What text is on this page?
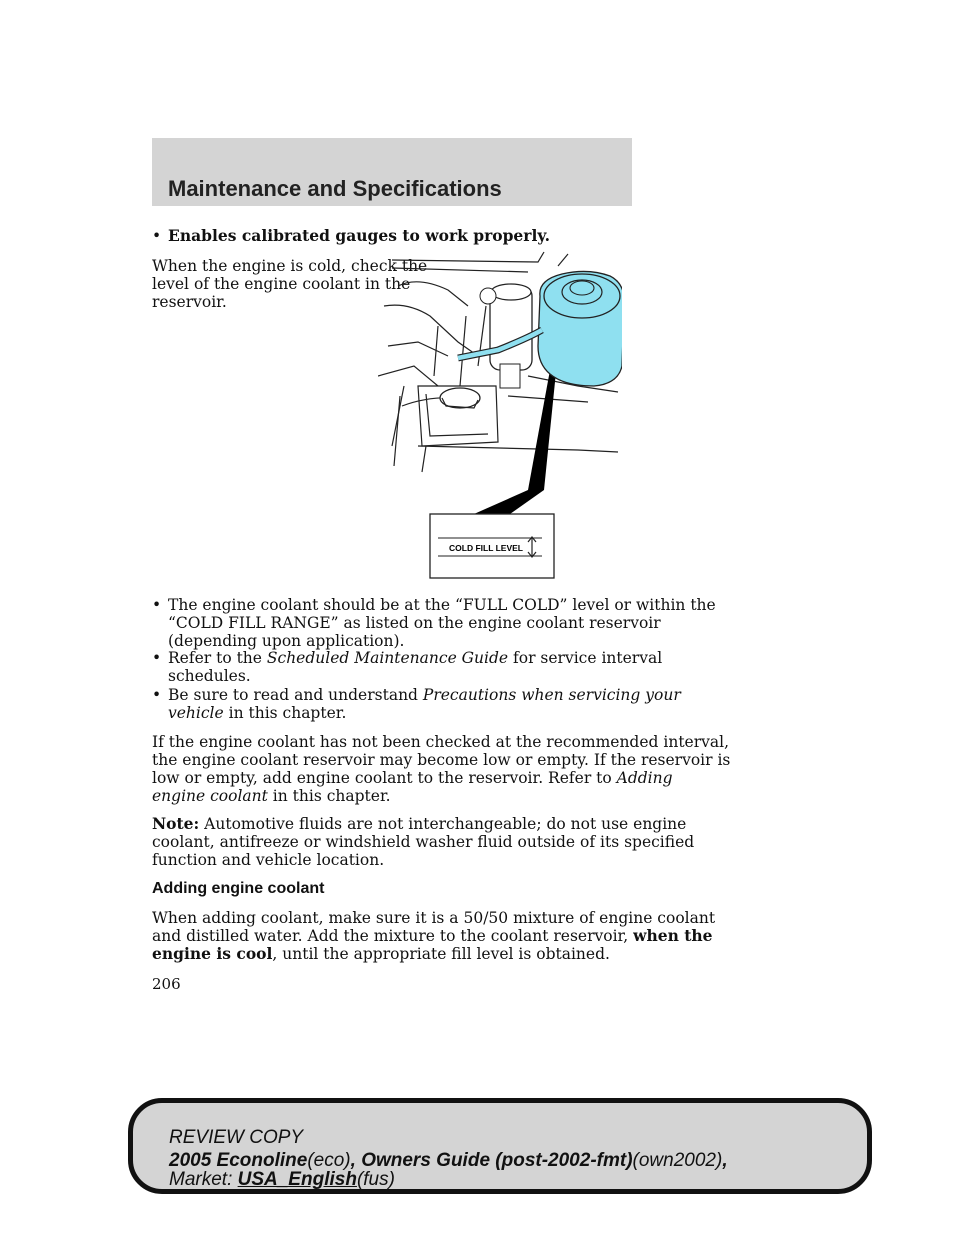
Maintenance and Specifications
• Enables calibrated gauges to work properly.
When the engine is cold, check the
level of the engine coolant in the
reservoir.
COLD FILL LEVEL
• The engine coolant should be at the “FULL COLD” level or within the
“COLD FILL RANGE” as listed on the engine coolant reservoir
(depending upon application).
• Refer to the Scheduled Maintenance Guide for service interval
schedules.
• Be sure to read and understand Precautions when servicing your
vehicle in this chapter.
If the engine coolant has not been checked at the recommended interval,
the engine coolant reservoir may become low or empty. If the reservoir is
low or empty, add engine coolant to the reservoir. Refer to Adding
engine coolant in this chapter.
Note: Automotive fluids are not interchangeable; do not use engine
coolant, antifreeze or windshield washer fluid outside of its specified
function and vehicle location.
Adding engine coolant
When adding coolant, make sure it is a 50/50 mixture of engine coolant
and distilled water. Add the mixture to the coolant reservoir, when the
engine is cool, until the appropriate fill level is obtained.
206
REVIEW COPY
2005 Econoline(eco), Owners Guide (post-2002-fmt)(own2002),
Market: USA_English(fus)
